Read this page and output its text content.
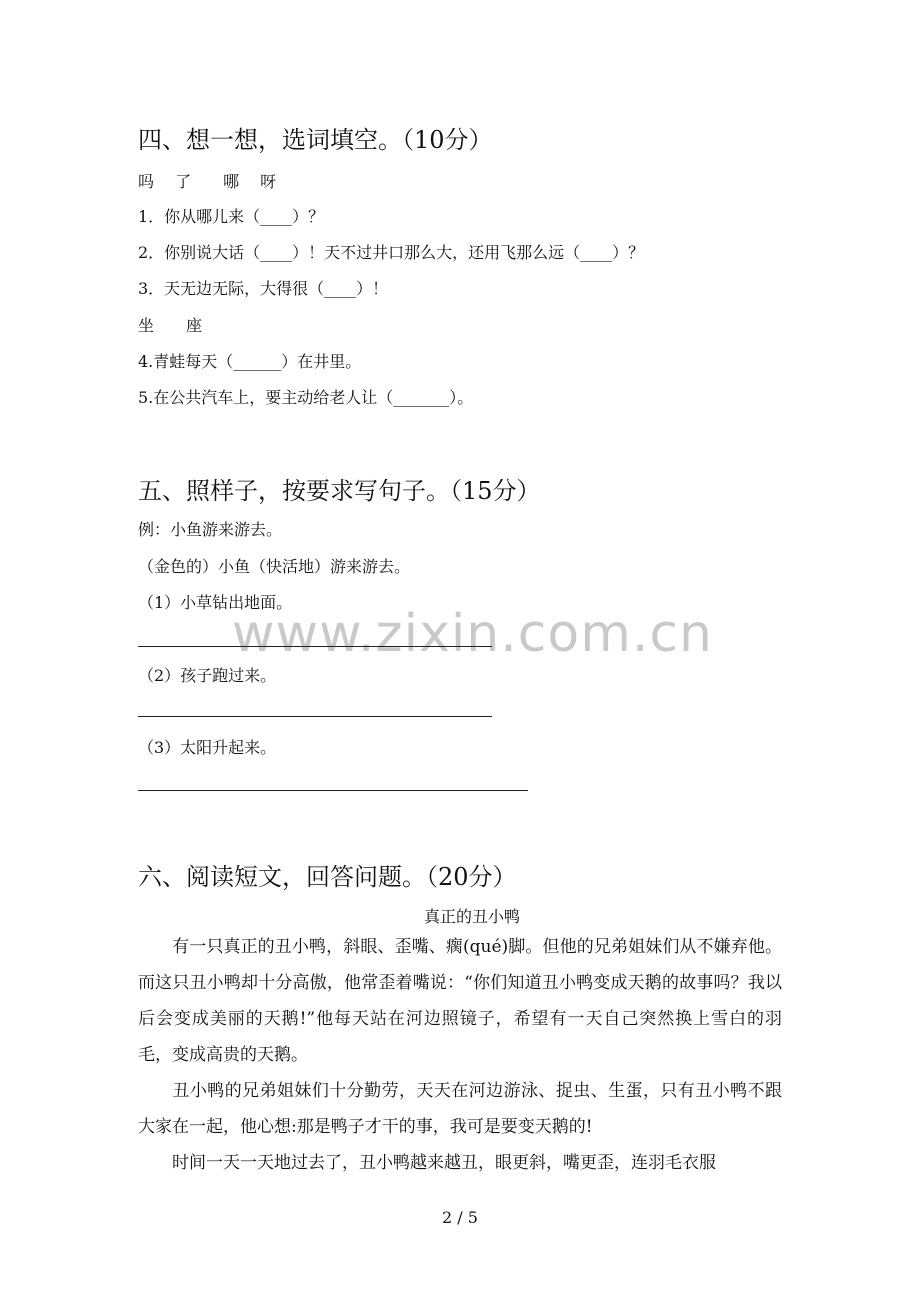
www.zixin.com.cn
四、想一想，选词填空。（10分）
吗　 了　　哪　 呀
1．你从哪儿来（____）？
2．你别说大话（____）！天不过井口那么大，还用飞那么远（____）？
3．天无边无际，大得很（____）！
坐　　座
4.青蛙每天（______）在井里。
5.在公共汽车上，要主动给老人让（_______）。
五、照样子，按要求写句子。（15分）
例：小鱼游来游去。
（金色的）小鱼（快活地）游来游去。
（1）小草钻出地面。
（2）孩子跑过来。
（3）太阳升起来。
六、阅读短文，回答问题。（20分）
真正的丑小鸭
有一只真正的丑小鸭，斜眼、歪嘴、瘸(qué)脚。但他的兄弟姐妹们从不嫌弃他。而这只丑小鸭却十分高傲，他常歪着嘴说：“你们知道丑小鸭变成天鹅的故事吗？我以后会变成美丽的天鹅!”他每天站在河边照镜子，希望有一天自己突然换上雪白的羽毛，变成高贵的天鹅。
丑小鸭的兄弟姐妹们十分勤劳，天天在河边游泳、捉虫、生蛋，只有丑小鸭不跟大家在一起，他心想:那是鸭子才干的事，我可是要变天鹅的!
时间一天一天地过去了，丑小鸭越来越丑，眼更斜，嘴更歪，连羽毛衣服
2 / 5
